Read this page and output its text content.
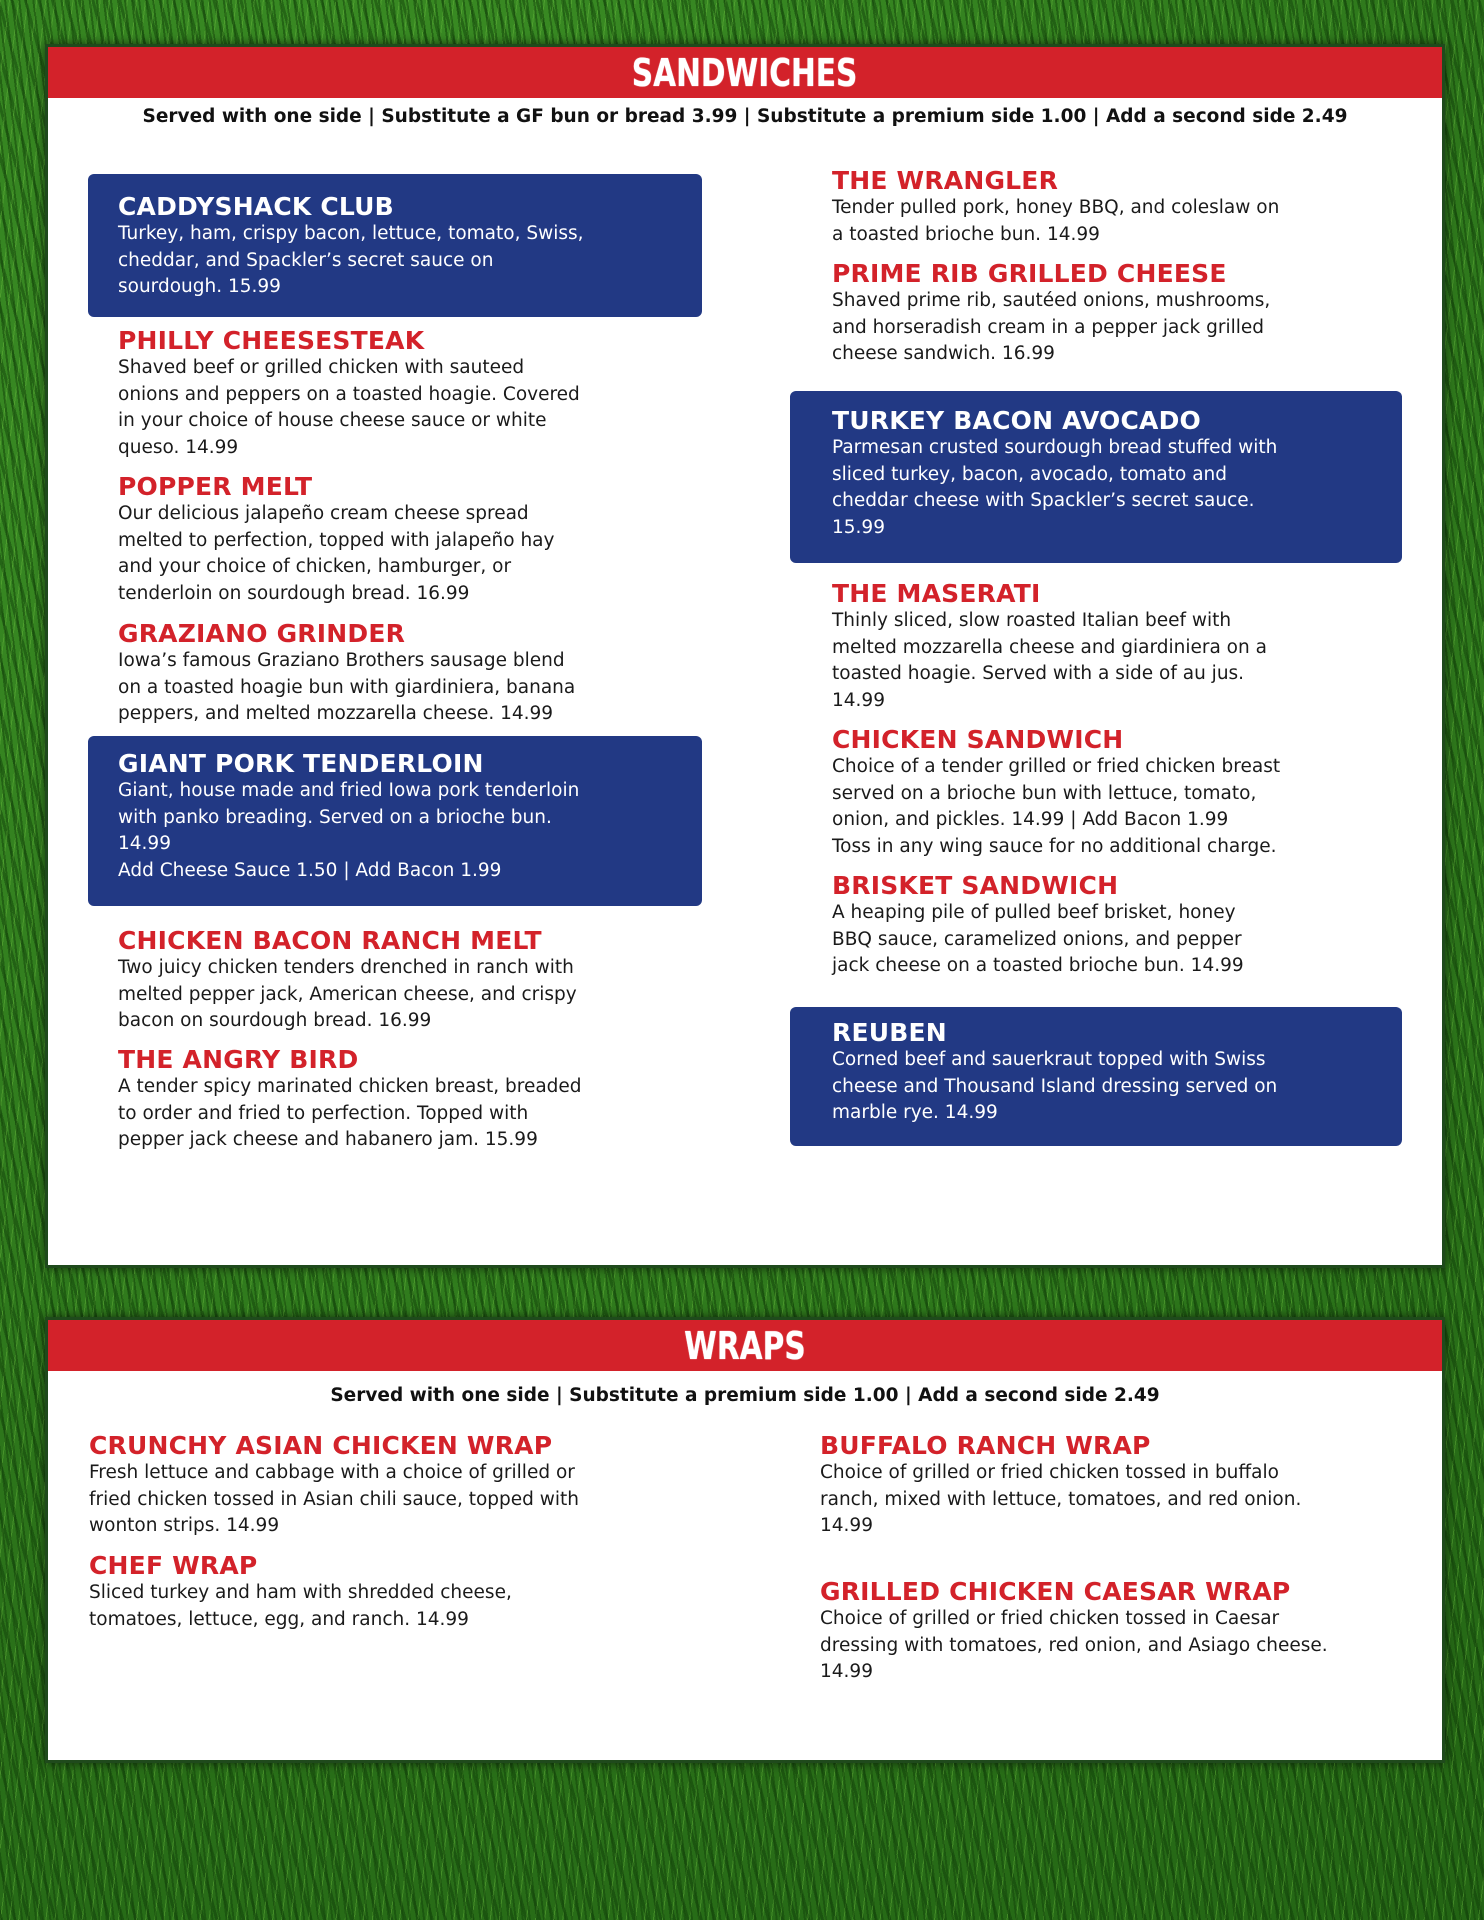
SANDWICHES
Served with one side | Substitute a GF bun or bread 3.99 | Substitute a premium side 1.00 | Add a second side 2.49
CADDYSHACK CLUB
Turkey, ham, crispy bacon, lettuce, tomato, Swiss,
cheddar, and Spackler’s secret sauce on
sourdough. 15.99
PHILLY CHEESESTEAK
Shaved beef or grilled chicken with sauteed
onions and peppers on a toasted hoagie. Covered
in your choice of house cheese sauce or white
queso. 14.99
POPPER MELT
Our delicious jalapeño cream cheese spread
melted to perfection, topped with jalapeño hay
and your choice of chicken, hamburger, or
tenderloin on sourdough bread. 16.99
GRAZIANO GRINDER
Iowa’s famous Graziano Brothers sausage blend
on a toasted hoagie bun with giardiniera, banana
peppers, and melted mozzarella cheese. 14.99
GIANT PORK TENDERLOIN
Giant, house made and fried Iowa pork tenderloin
with panko breading. Served on a brioche bun.
14.99
Add Cheese Sauce 1.50 | Add Bacon 1.99
CHICKEN BACON RANCH MELT
Two juicy chicken tenders drenched in ranch with
melted pepper jack, American cheese, and crispy
bacon on sourdough bread. 16.99
THE ANGRY BIRD
A tender spicy marinated chicken breast, breaded
to order and fried to perfection. Topped with
pepper jack cheese and habanero jam. 15.99
THE WRANGLER
Tender pulled pork, honey BBQ, and coleslaw on
a toasted brioche bun. 14.99
PRIME RIB GRILLED CHEESE
Shaved prime rib, sautéed onions, mushrooms,
and horseradish cream in a pepper jack grilled
cheese sandwich. 16.99
TURKEY BACON AVOCADO
Parmesan crusted sourdough bread stuffed with
sliced turkey, bacon, avocado, tomato and
cheddar cheese with Spackler’s secret sauce.
15.99
THE MASERATI
Thinly sliced, slow roasted Italian beef with
melted mozzarella cheese and giardiniera on a
toasted hoagie. Served with a side of au jus.
14.99
CHICKEN SANDWICH
Choice of a tender grilled or fried chicken breast
served on a brioche bun with lettuce, tomato,
onion, and pickles. 14.99 | Add Bacon 1.99
Toss in any wing sauce for no additional charge.
BRISKET SANDWICH
A heaping pile of pulled beef brisket, honey
BBQ sauce, caramelized onions, and pepper
jack cheese on a toasted brioche bun. 14.99
REUBEN
Corned beef and sauerkraut topped with Swiss
cheese and Thousand Island dressing served on
marble rye. 14.99
WRAPS
Served with one side | Substitute a premium side 1.00 | Add a second side 2.49
CRUNCHY ASIAN CHICKEN WRAP
Fresh lettuce and cabbage with a choice of grilled or
fried chicken tossed in Asian chili sauce, topped with
wonton strips. 14.99
CHEF WRAP
Sliced turkey and ham with shredded cheese,
tomatoes, lettuce, egg, and ranch. 14.99
BUFFALO RANCH WRAP
Choice of grilled or fried chicken tossed in buffalo
ranch, mixed with lettuce, tomatoes, and red onion.
14.99
GRILLED CHICKEN CAESAR WRAP
Choice of grilled or fried chicken tossed in Caesar
dressing with tomatoes, red onion, and Asiago cheese.
14.99
